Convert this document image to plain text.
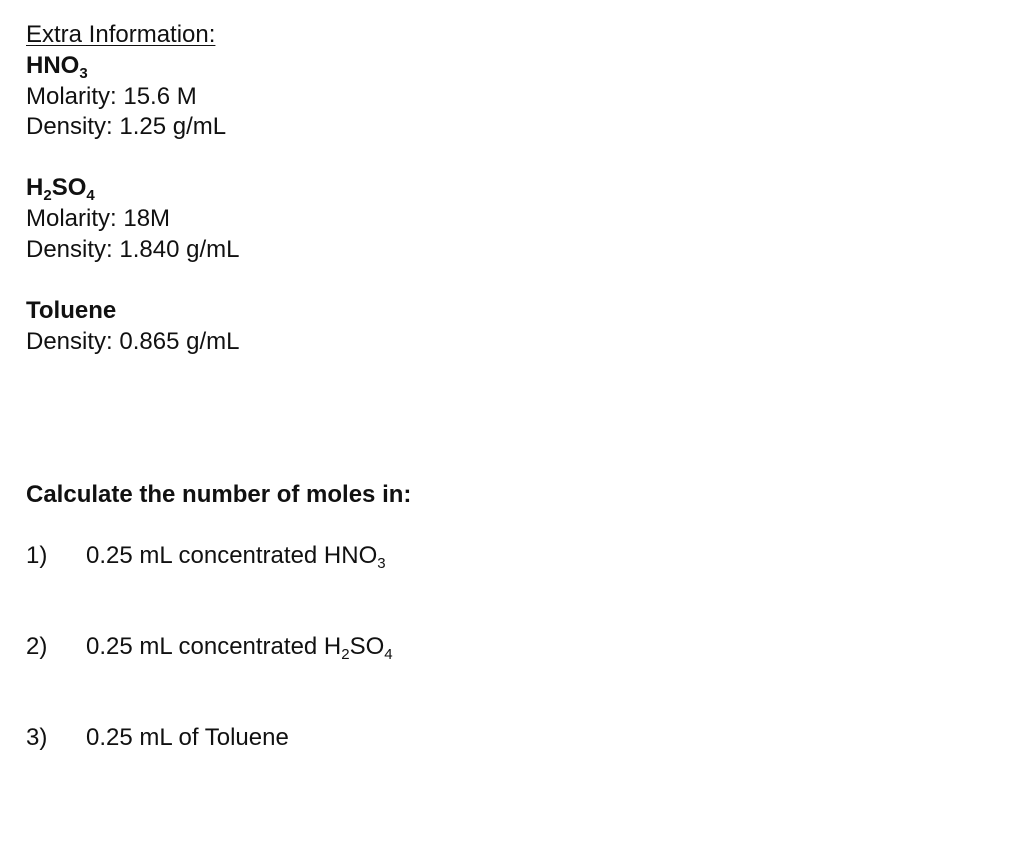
Extra Information:
$HNO_3$
Molarity: 15.6 M
Density: 1.25 g/mL
$H_2SO_4$
Molarity: 18M
Density: 1.840 g/mL
Toluene
Density: 0.865 g/mL
Calculate the number of moles in:
1) 0.25 mL concentrated $HNO_3$
2) 0.25 mL concentrated $H_2SO_4$
3) 0.25 mL of Toluene
